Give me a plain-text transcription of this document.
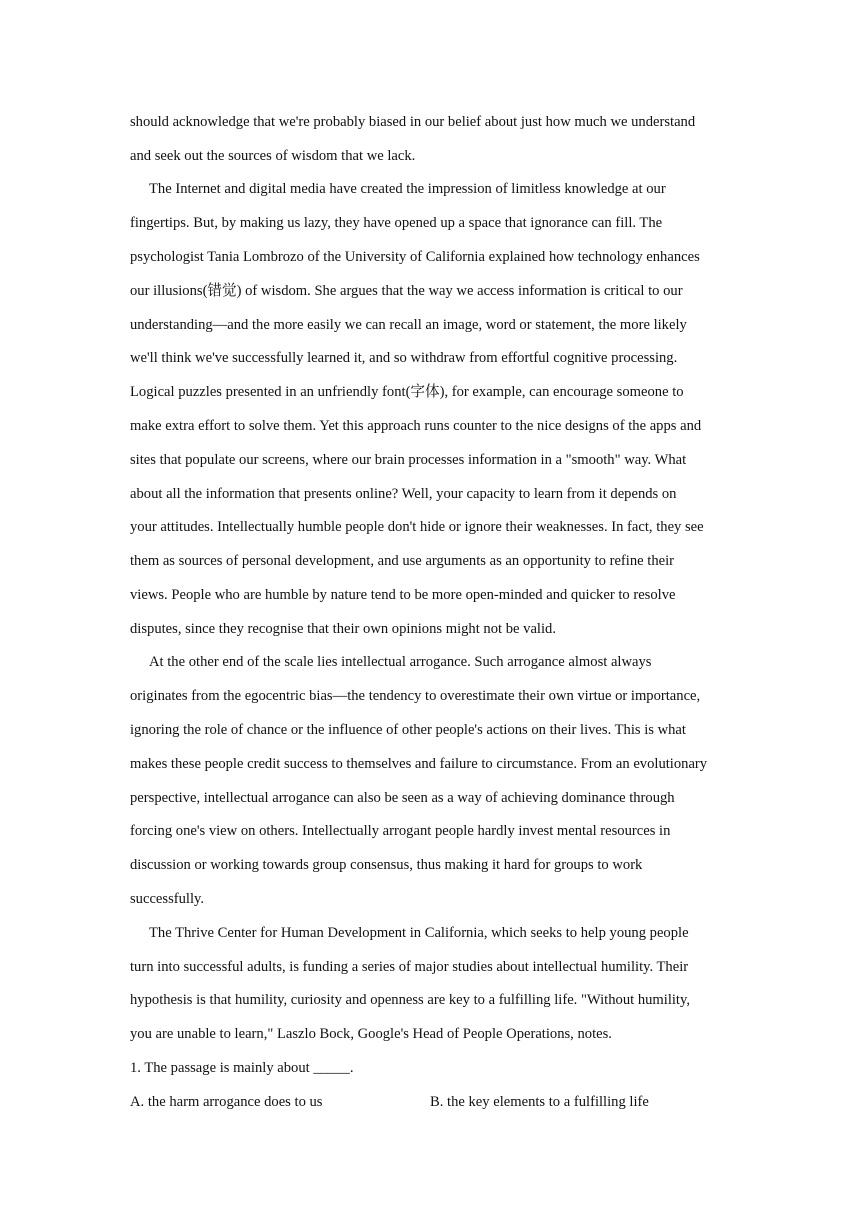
should acknowledge that we're probably biased in our belief about just how much we understand
and seek out the sources of wisdom that we lack.
The Internet and digital media have created the impression of limitless knowledge at our
fingertips. But, by making us lazy, they have opened up a space that ignorance can fill. The
psychologist Tania Lombrozo of the University of California explained how technology enhances
our illusions(错觉) of wisdom. She argues that the way we access information is critical to our
understanding—and the more easily we can recall an image, word or statement, the more likely
we'll think we've successfully learned it, and so withdraw from effortful cognitive processing.
Logical puzzles presented in an unfriendly font(字体), for example, can encourage someone to
make extra effort to solve them. Yet this approach runs counter to the nice designs of the apps and
sites that populate our screens, where our brain processes information in a "smooth" way. What
about all the information that presents online? Well, your capacity to learn from it depends on
your attitudes. Intellectually humble people don't hide or ignore their weaknesses. In fact, they see
them as sources of personal development, and use arguments as an opportunity to refine their
views. People who are humble by nature tend to be more open-minded and quicker to resolve
disputes, since they recognise that their own opinions might not be valid.
At the other end of the scale lies intellectual arrogance. Such arrogance almost always
originates from the egocentric bias—the tendency to overestimate their own virtue or importance,
ignoring the role of chance or the influence of other people's actions on their lives. This is what
makes these people credit success to themselves and failure to circumstance. From an evolutionary
perspective, intellectual arrogance can also be seen as a way of achieving dominance through
forcing one's view on others. Intellectually arrogant people hardly invest mental resources in
discussion or working towards group consensus, thus making it hard for groups to work
successfully.
The Thrive Center for Human Development in California, which seeks to help young people
turn into successful adults, is funding a series of major studies about intellectual humility. Their
hypothesis is that humility, curiosity and openness are key to a fulfilling life. "Without humility,
you are unable to learn," Laszlo Bock, Google's Head of People Operations, notes.
1. The passage is mainly about _____.
A. the harm arrogance does to us	B. the key elements to a fulfilling life
